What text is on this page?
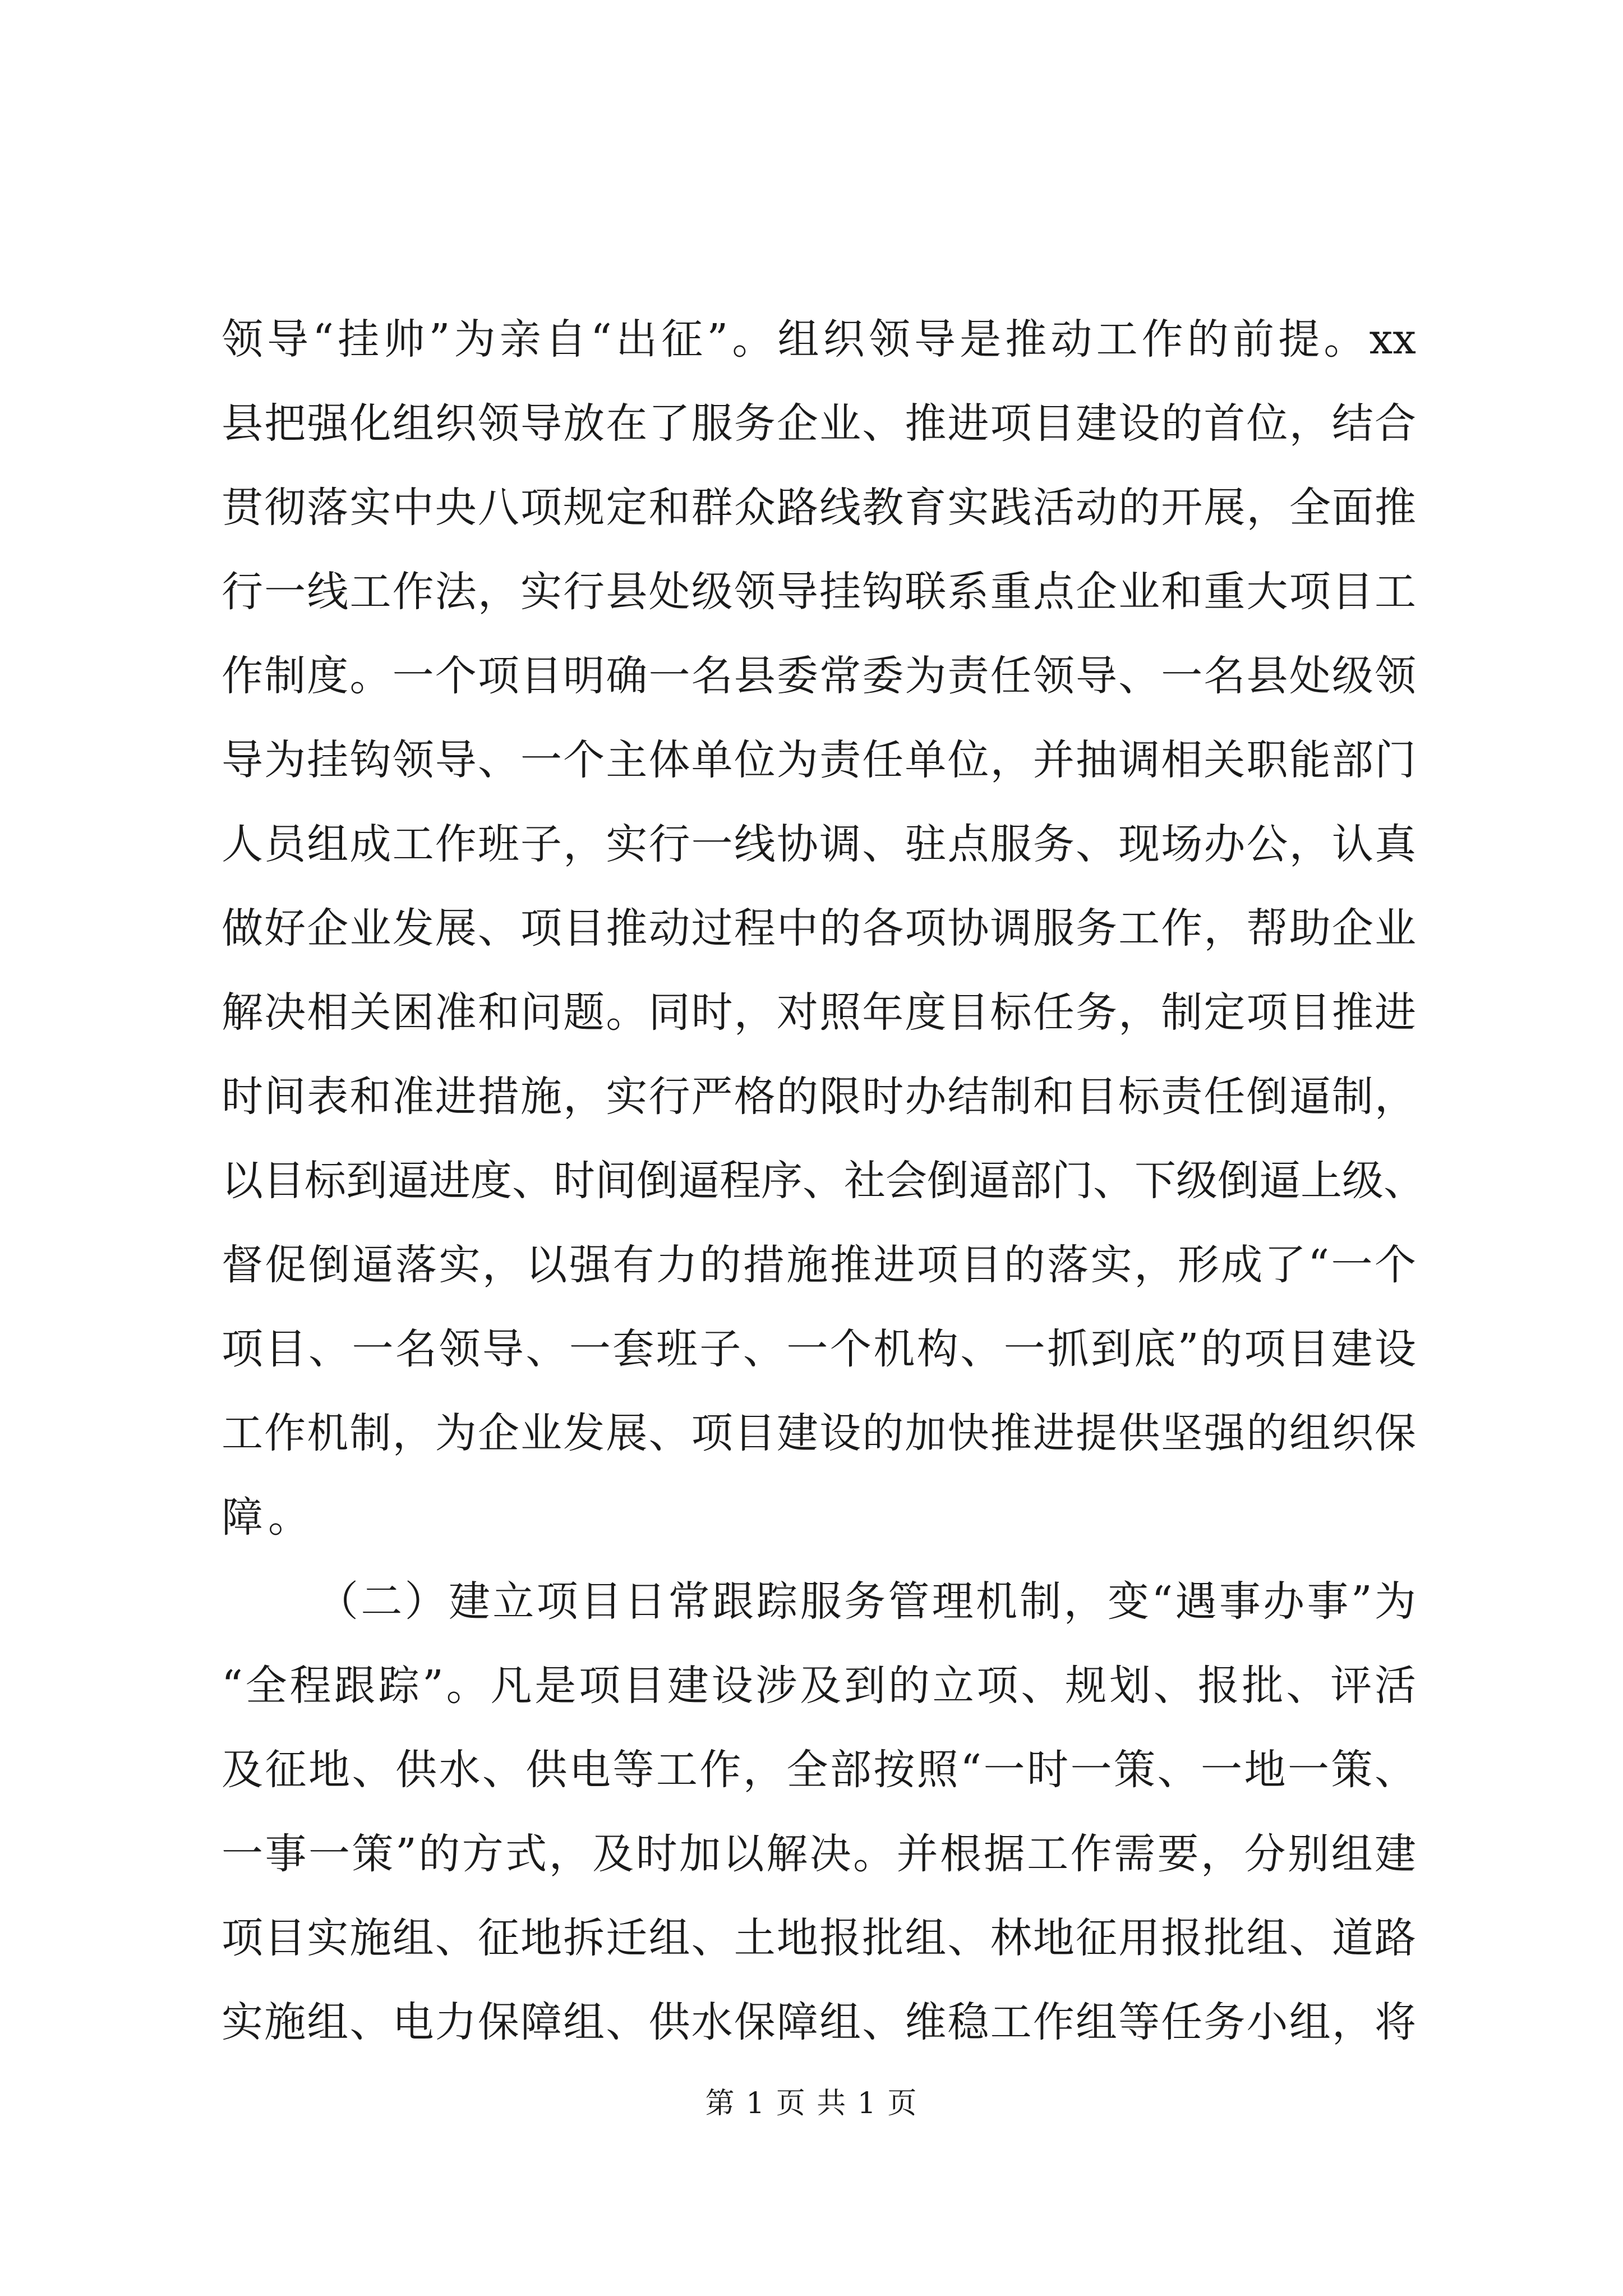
领导“挂帅”为亲自“出征”。组织领导是推动工作的前提。xx
县把强化组织领导放在了服务企业、推进项目建设的首位，结合
贯彻落实中央八项规定和群众路线教育实践活动的开展，全面推
行一线工作法，实行县处级领导挂钩联系重点企业和重大项目工
作制度。一个项目明确一名县委常委为责任领导、一名县处级领
导为挂钩领导、一个主体单位为责任单位，并抽调相关职能部门
人员组成工作班子，实行一线协调、驻点服务、现场办公，认真
做好企业发展、项目推动过程中的各项协调服务工作，帮助企业
解决相关困准和问题。同时，对照年度目标任务，制定项目推进
时间表和准进措施，实行严格的限时办结制和目标责任倒逼制，
以目标到逼进度、时间倒逼程序、社会倒逼部门、下级倒逼上级、
督促倒逼落实，以强有力的措施推进项目的落实，形成了“一个
项目、一名领导、一套班子、一个机构、一抓到底”的项目建设
工作机制，为企业发展、项目建设的加快推进提供坚强的组织保
障。
（二）建立项目日常跟踪服务管理机制，变“遇事办事”为
“全程跟踪”。凡是项目建设涉及到的立项、规划、报批、评活
及征地、供水、供电等工作，全部按照“一时一策、一地一策、
一事一策”的方式，及时加以解决。并根据工作需要，分别组建
项目实施组、征地拆迁组、土地报批组、林地征用报批组、道路
实施组、电力保障组、供水保障组、维稳工作组等任务小组，将
第 1 页 共 1 页
